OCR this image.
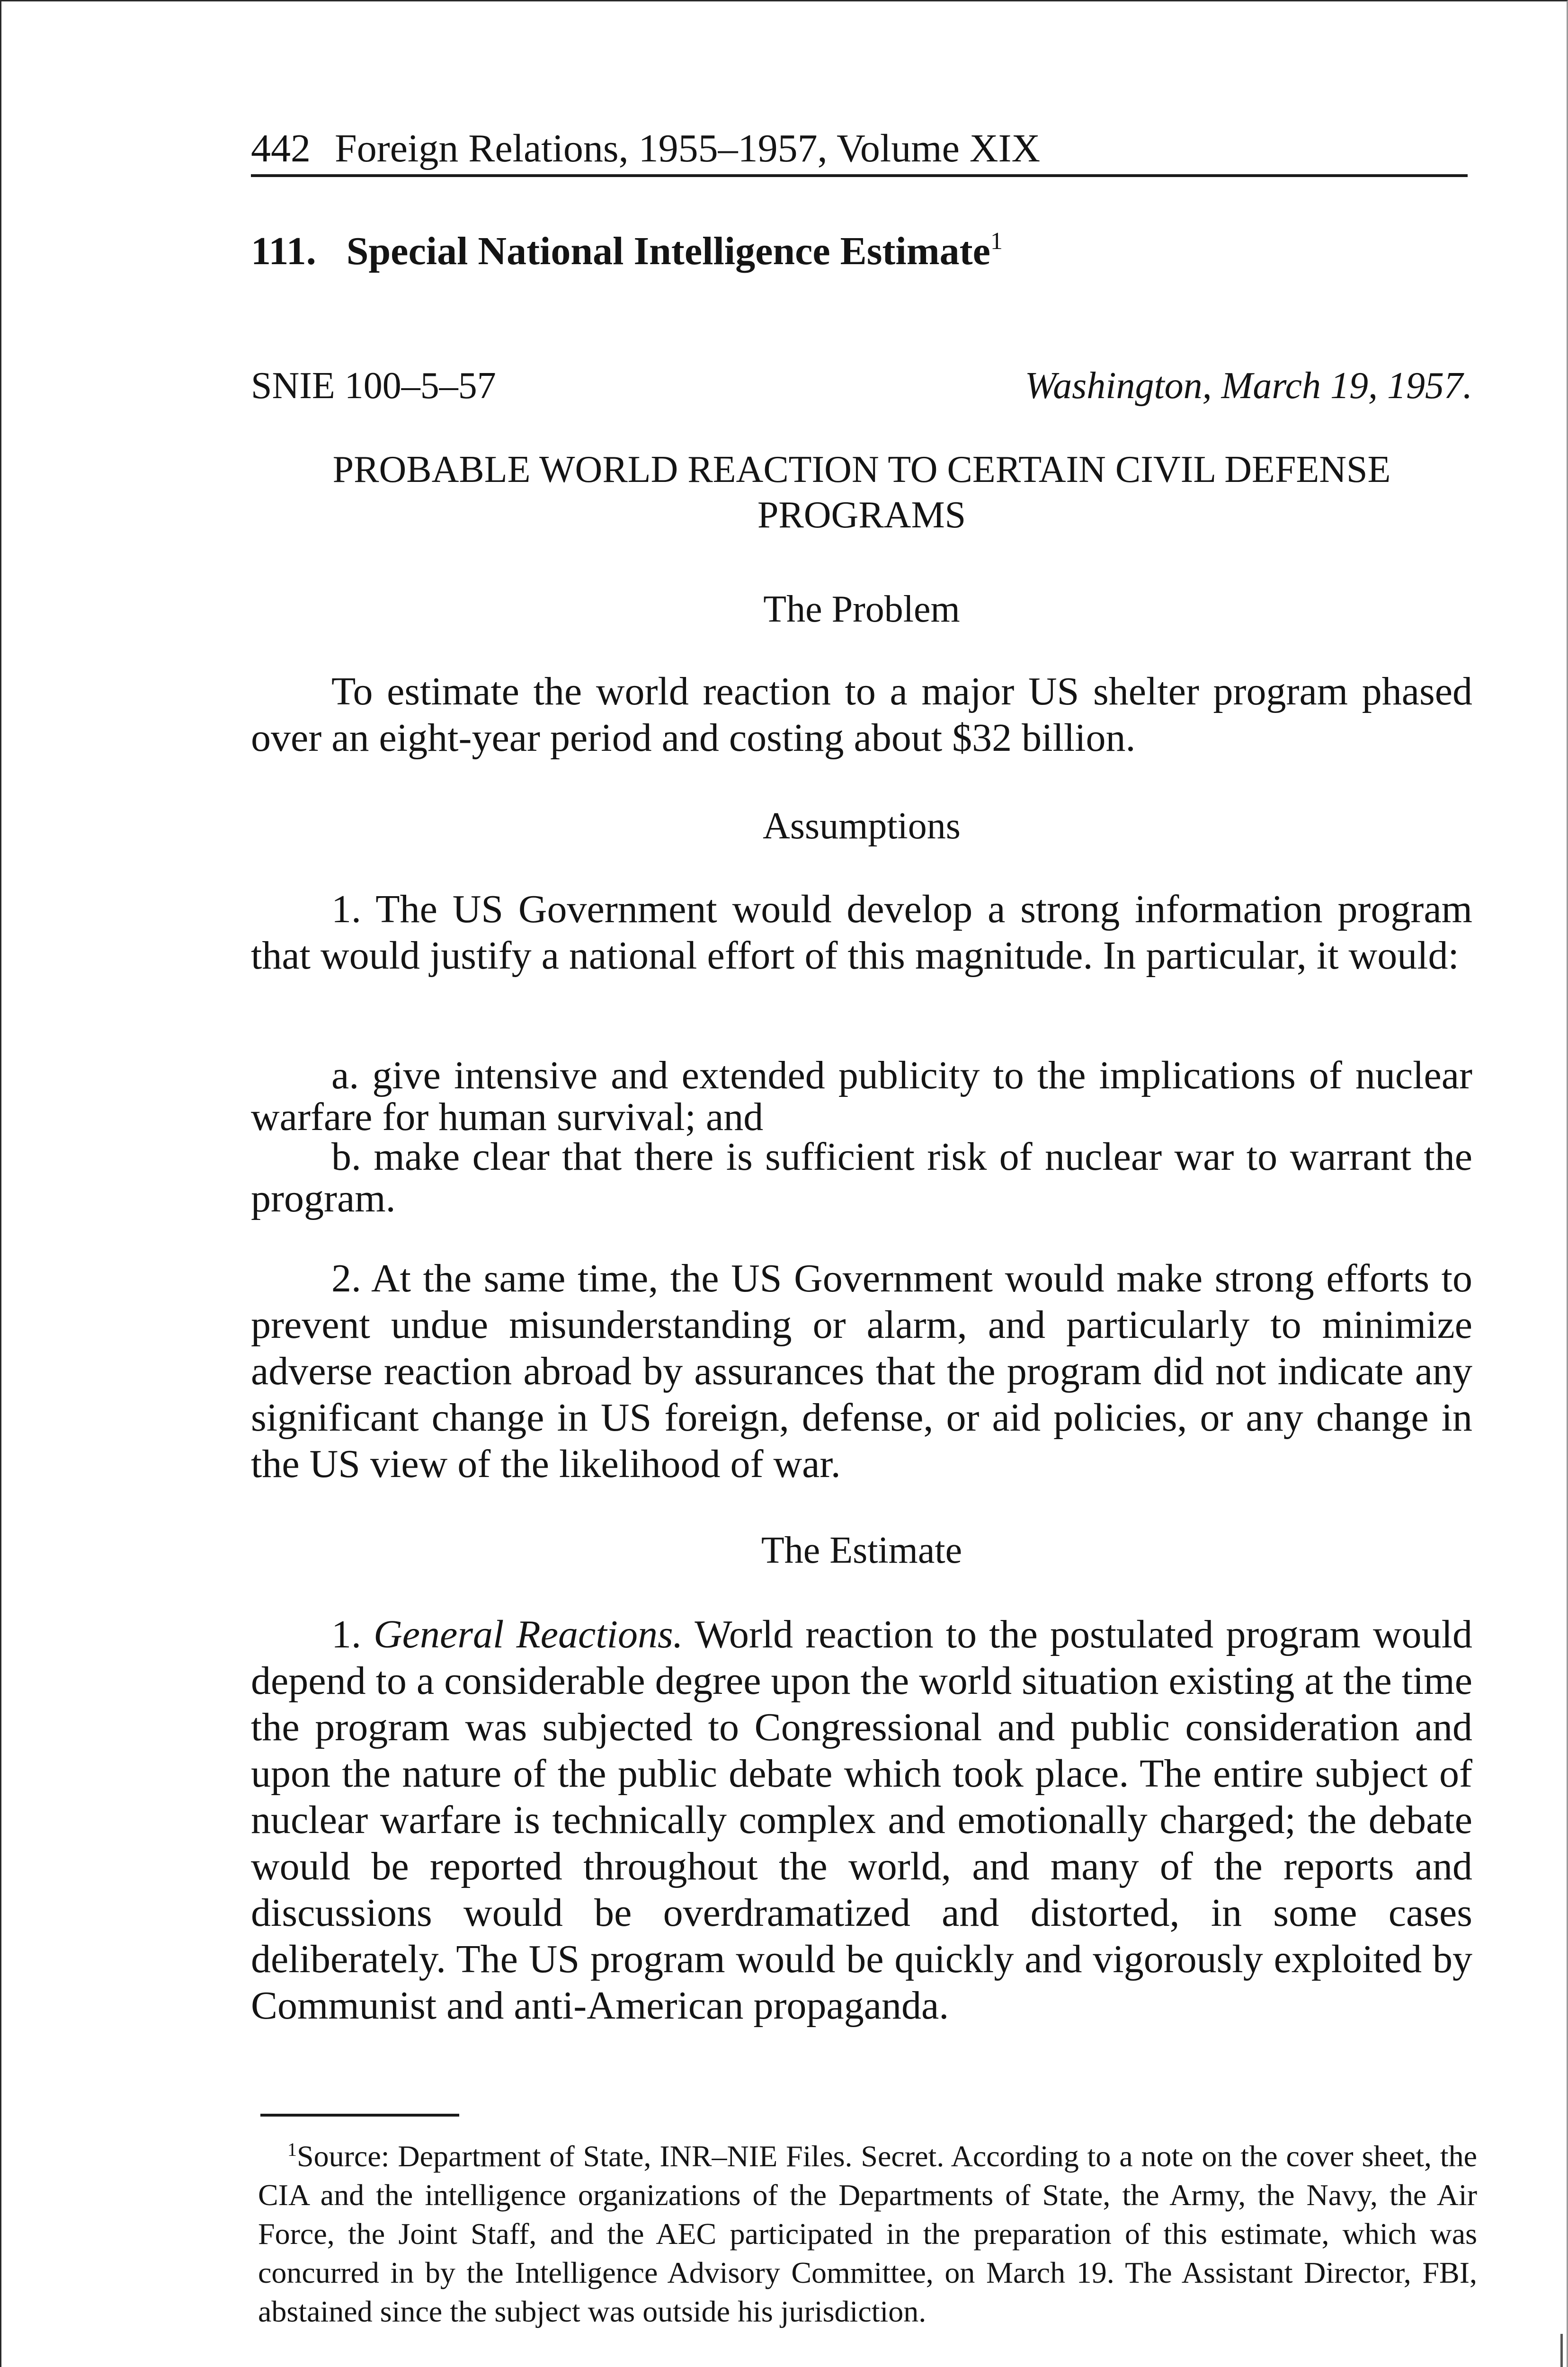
442 Foreign Relations, 1955–1957, Volume XIX
111. Special National Intelligence Estimate$^1$
SNIE 100–5–57	Washington, March 19, 1957.
PROBABLE WORLD REACTION TO CERTAIN CIVIL DEFENSE
PROGRAMS
The Problem
To estimate the world reaction to a major US shelter program phased over an eight-year period and costing about $32 billion.
Assumptions
1. The US Government would develop a strong information program that would justify a national effort of this magnitude. In particular, it would:
a. give intensive and extended publicity to the implications of nuclear warfare for human survival; and
b. make clear that there is sufficient risk of nuclear war to warrant the program.
2. At the same time, the US Government would make strong efforts to prevent undue misunderstanding or alarm, and particularly to minimize adverse reaction abroad by assurances that the program did not indicate any significant change in US foreign, defense, or aid policies, or any change in the US view of the likelihood of war.
The Estimate
1. General Reactions. World reaction to the postulated program would depend to a considerable degree upon the world situation existing at the time the program was subjected to Congressional and public consideration and upon the nature of the public debate which took place. The entire subject of nuclear warfare is technically complex and emotionally charged; the debate would be reported throughout the world, and many of the reports and discussions would be overdramatized and distorted, in some cases deliberately. The US program would be quickly and vigorously exploited by Communist and anti-American propaganda.
$^1$Source: Department of State, INR–NIE Files. Secret. According to a note on the cover sheet, the CIA and the intelligence organizations of the Departments of State, the Army, the Navy, the Air Force, the Joint Staff, and the AEC participated in the preparation of this estimate, which was concurred in by the Intelligence Advisory Committee, on March 19. The Assistant Director, FBI, abstained since the subject was outside his jurisdiction.
